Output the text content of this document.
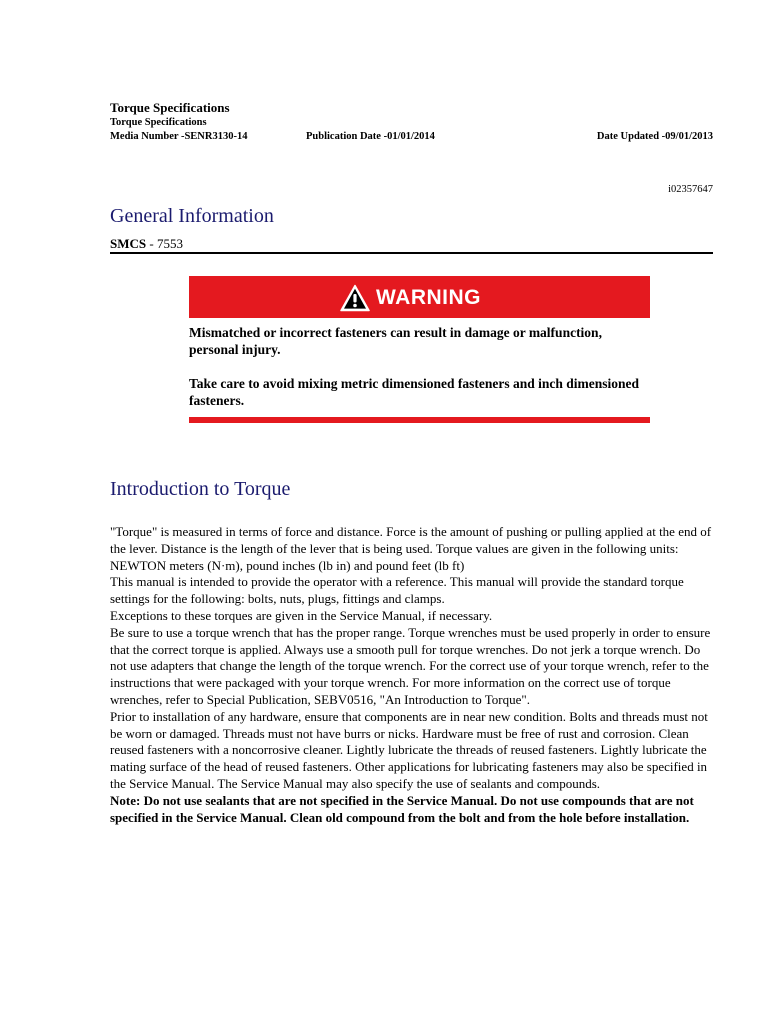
Torque Specifications
Torque Specifications
Media Number -SENR3130-14	Publication Date -01/01/2014	Date Updated -09/01/2013
i02357647
General Information
SMCS - 7553
WARNING

Mismatched or incorrect fasteners can result in damage or malfunction, personal injury.

Take care to avoid mixing metric dimensioned fasteners and inch dimensioned fasteners.

Introduction to Torque

"Torque" is measured in terms of force and distance. Force is the amount of pushing or pulling applied at the end of the lever. Distance is the length of the lever that is being used. Torque values are given in the following units: NEWTON meters (N·m), pound inches (lb in) and pound feet (lb ft)

This manual is intended to provide the operator with a reference. This manual will provide the standard torque settings for the following: bolts, nuts, plugs, fittings and clamps.

Exceptions to these torques are given in the Service Manual, if necessary.

Be sure to use a torque wrench that has the proper range. Torque wrenches must be used properly in order to ensure that the correct torque is applied. Always use a smooth pull for torque wrenches. Do not jerk a torque wrench. Do not use adapters that change the length of the torque wrench. For the correct use of your torque wrench, refer to the instructions that were packaged with your torque wrench. For more information on the correct use of torque wrenches, refer to Special Publication, SEBV0516, "An Introduction to Torque".

Prior to installation of any hardware, ensure that components are in near new condition. Bolts and threads must not be worn or damaged. Threads must not have burrs or nicks. Hardware must be free of rust and corrosion. Clean reused fasteners with a noncorrosive cleaner. Lightly lubricate the threads of reused fasteners. Lightly lubricate the mating surface of the head of reused fasteners. Other applications for lubricating fasteners may also be specified in the Service Manual. The Service Manual may also specify the use of sealants and compounds.

Note: Do not use sealants that are not specified in the Service Manual. Do not use compounds that are not specified in the Service Manual. Clean old compound from the bolt and from the hole before installation.
